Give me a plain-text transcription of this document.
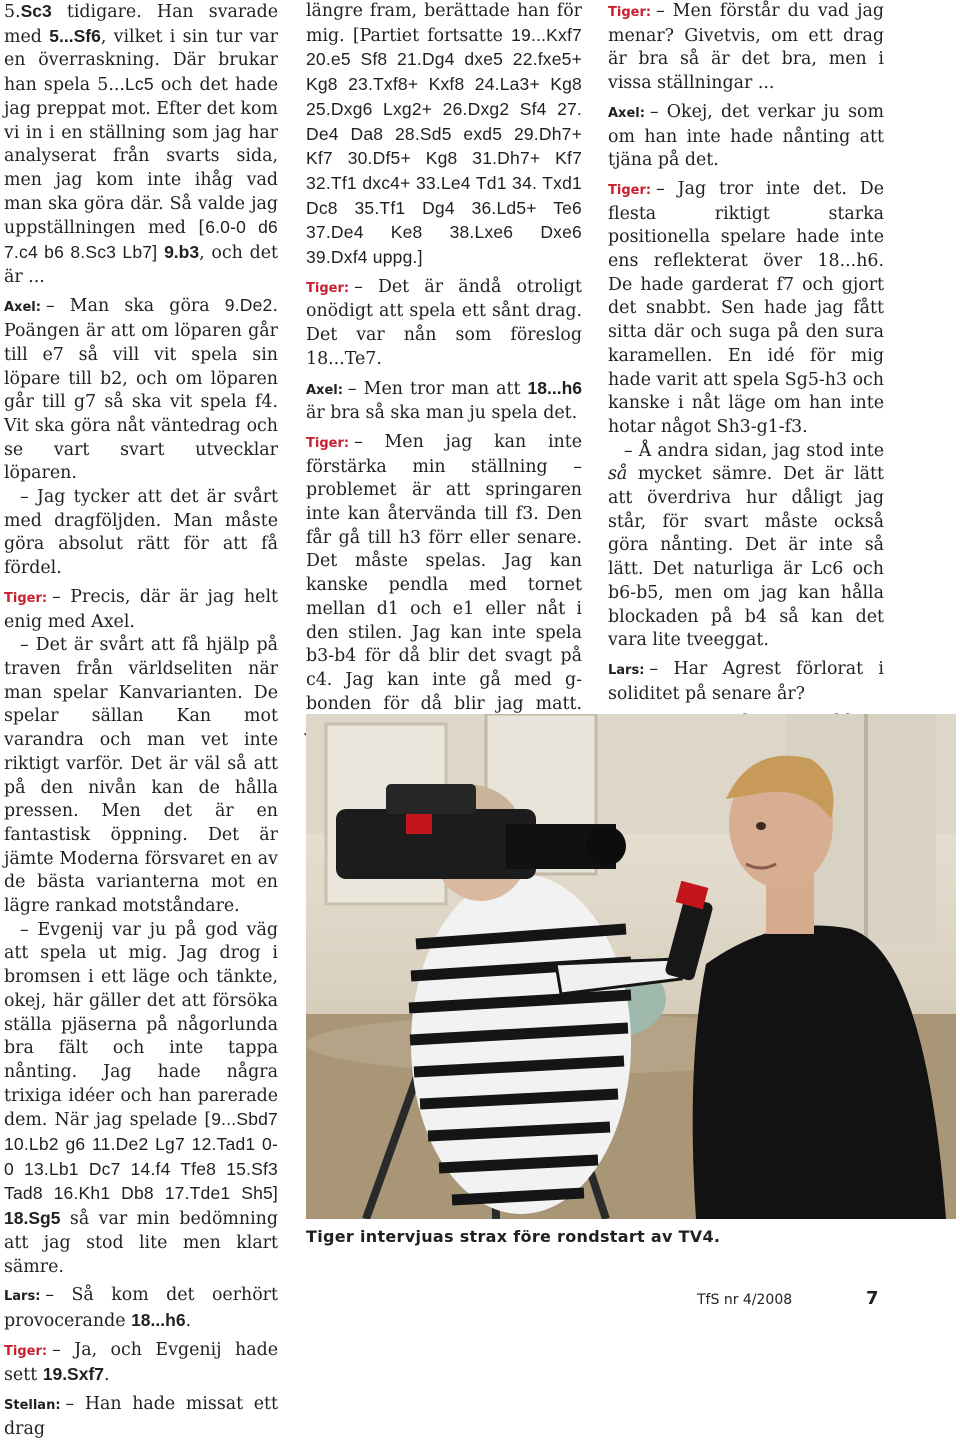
5.Sc3 tidigare. Han svarade med 5...Sf6, vilket i sin tur var en överraskning. Där brukar han spela 5...Lc5 och det hade jag preppat mot. Efter det kom vi in i en ställning som jag har analyserat från svarts sida, men jag kom inte ihåg vad man ska göra där. Så valde jag uppställningen med [6.0-0 d6 7.c4 b6 8.Sc3 Lb7] 9.b3, och det är ...

Axel: – Man ska göra 9.De2. Poängen är att om löparen går till e7 så vill vit spela sin löpare till b2, och om löparen går till g7 så ska vit spela f4. Vit ska göra nåt väntedrag och se vart svart utvecklar löparen.

– Jag tycker att det är svårt med dragföljden. Man måste göra absolut rätt för att få fördel.

Tiger: – Precis, där är jag helt enig med Axel.

– Det är svårt att få hjälp på traven från världseliten när man spelar Kanvarianten. De spelar sällan Kan mot varandra och man vet inte riktigt varför. Det är väl så att på den nivån kan de hålla pressen. Men det är en fantastisk öppning. Det är jämte Moderna försvaret en av de bästa varianterna mot en lägre rankad motståndare.

– Evgenij var ju på god väg att spela ut mig. Jag drog i bromsen i ett läge och tänkte, okej, här gäller det att försöka ställa pjäserna på någorlunda bra fält och inte tappa nånting. Jag hade några trixiga idéer och han parerade dem. När jag spelade [9...Sbd7 10.Lb2 g6 11.De2 Lg7 12.Tad1 0-0 13.Lb1 Dc7 14.f4 Tfe8 15.Sf3 Tad8 16.Kh1 Db8 17.Tde1 Sh5] 18.Sg5 så var min bedömning att jag stod lite men klart sämre.

Lars: – Så kom det oerhört provocerande 18...h6.

Tiger: – Ja, och Evgenij hade sett 19.Sxf7.

Stellan: – Han hade missat ett drag

längre fram, berättade han för mig. [Partiet fortsatte 19...Kxf7 20.e5 Sf8 21.Dg4 dxe5 22.fxe5+ Kg8 23.Txf8+ Kxf8 24.La3+ Kg8 25.Dxg6 Lxg2+ 26.Dxg2 Sf4 27. De4 Da8 28.Sd5 exd5 29.Dh7+ Kf7 30.Df5+ Kg8 31.Dh7+ Kf7 32.Tf1 dxc4+ 33.Le4 Td1 34. Txd1 Dc8 35.Tf1 Dg4 36.Ld5+ Te6 37.De4 Ke8 38.Lxe6 Dxe6 39.Dxf4 uppg.]

Tiger: – Det är ändå otroligt onödigt att spela ett sånt drag. Det var nån som föreslog 18...Te7.

Axel: – Men tror man att 18...h6 är bra så ska man ju spela det.

Tiger: – Men jag kan inte förstärka min ställning – problemet är att springaren inte kan återvända till f3. Den får gå till h3 förr eller senare. Det måste spelas. Jag kan kanske pendla med tornet mellan d1 och e1 eller nåt i den stilen. Jag kan inte spela b3-b4 för då blir det svagt på c4. Jag kan inte gå med g-bonden för då blir jag matt.

Tiger: – Men förstår du vad jag menar? Givetvis, om ett drag är bra så är det bra, men i vissa ställningar ...

Axel: – Okej, det verkar ju som om han inte hade nånting att tjäna på det.

Tiger: – Jag tror inte det. De flesta riktigt starka positionella spelare hade inte ens reflekterat över 18...h6. De hade garderat f7 och gjort det snabbt. Sen hade jag fått sitta där och suga på den sura karamellen. En idé för mig hade varit att spela Sg5-h3 och kanske i nåt läge om han inte hotar något Sh3-g1-f3.

– Å andra sidan, jag stod inte så mycket sämre. Det är lätt att överdriva hur dåligt jag står, för svart måste också göra nånting. Det är inte så lätt. Det naturliga är Lc6 och b6-b5, men om jag kan hålla blockaden på b4 så kan det vara lite tveeggat.

Lars: – Har Agrest förlorat i soliditet på senare år?

Tiger intervjuas strax före rondstart av TV4.
TfS nr 4/2008	7
